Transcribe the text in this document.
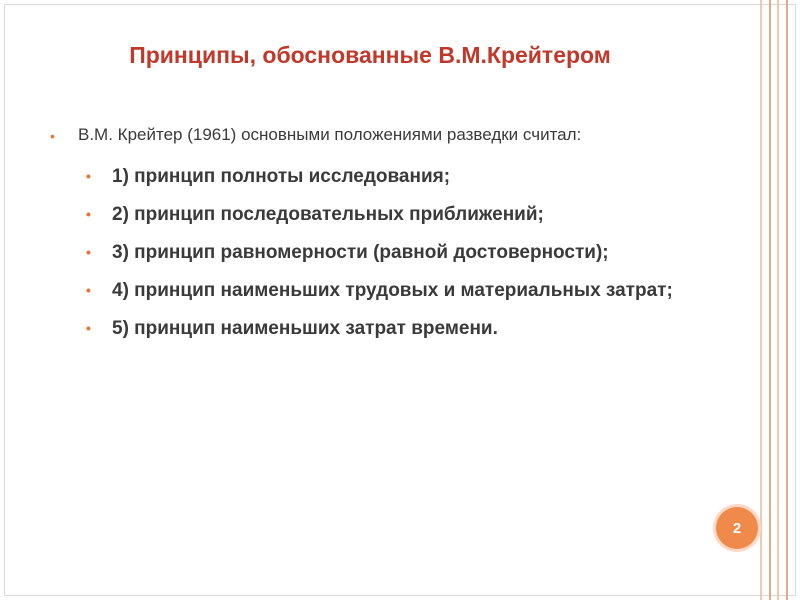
Принципы, обоснованные В.М.Крейтером
• В.М. Крейтер (1961) основными положениями разведки считал:
• 1) принцип полноты исследования;
• 2) принцип последовательных приближений;
• 3) принцип равномерности (равной достоверности);
• 4) принцип наименьших трудовых и материальных затрат;
• 5) принцип наименьших затрат времени.
2
